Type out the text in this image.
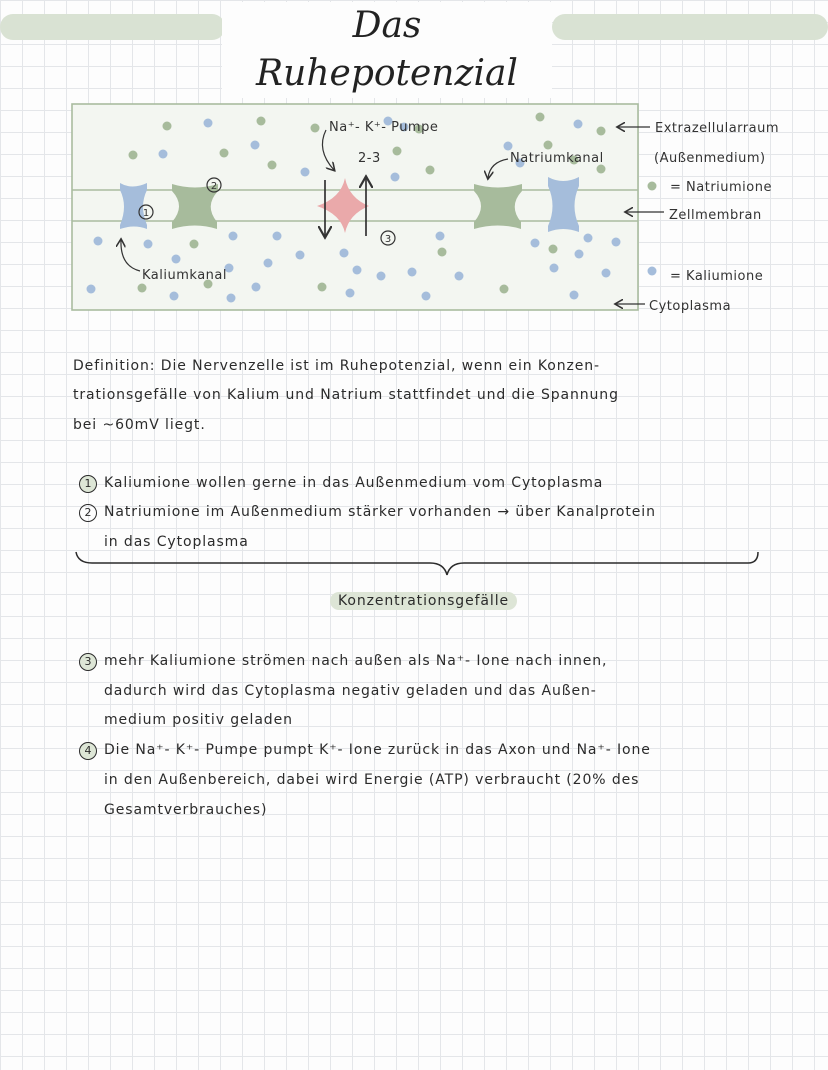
Das Ruhepotenzial
1
2
3
Na⁺- K⁺- Pumpe
2-3	Natriumkanal
Kaliumkanal
Extrazellularraum
(Außenmedium)
= Natriumione
Zellmembran
= Kaliumione
Cytoplasma
Definition: Die Nervenzelle ist im Ruhepotenzial, wenn ein Konzen-
trationsgefälle von Kalium und Natrium stattfindet und die Spannung
bei ~60mV liegt.
1 Kaliumione wollen gerne in das Außenmedium vom Cytoplasma
2 Natriumione im Außenmedium stärker vorhanden → über Kanalprotein
in das Cytoplasma
Konzentrationsgefälle
3 mehr Kaliumione strömen nach außen als Na⁺- Ione nach innen,
dadurch wird das Cytoplasma negativ geladen und das Außen-
medium positiv geladen
4 Die Na⁺- K⁺- Pumpe pumpt K⁺- Ione zurück in das Axon und Na⁺- Ione
in den Außenbereich, dabei wird Energie (ATP) verbraucht (20% des
Gesamtverbrauches)
